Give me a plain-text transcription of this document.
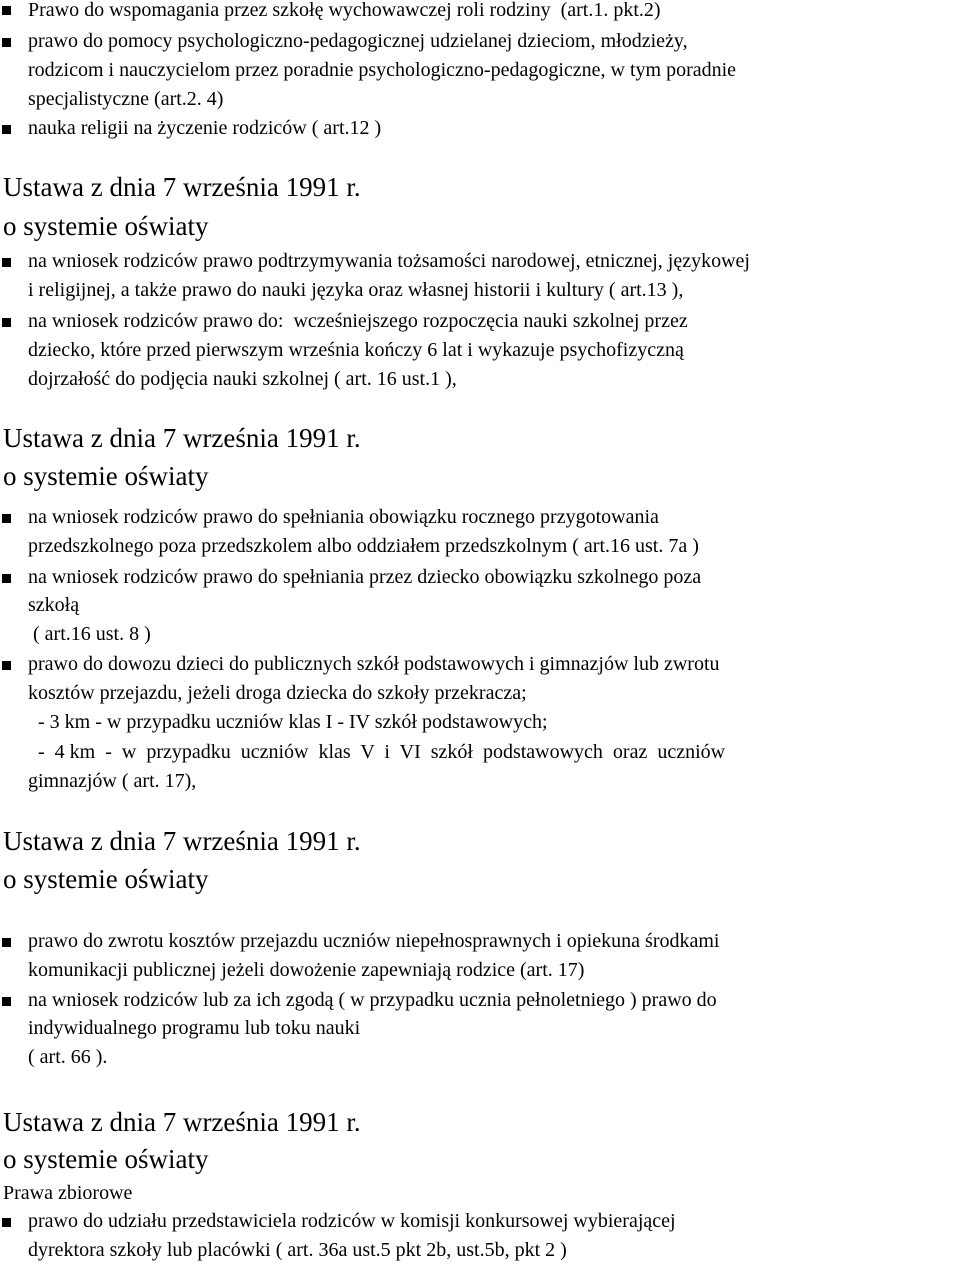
Prawo do wspomagania przez szkołę wychowawczej roli rodziny  (art.1. pkt.2)
prawo do pomocy psychologiczno-pedagogicznej udzielanej dzieciom, młodzieży,
rodzicom i nauczycielom przez poradnie psychologiczno-pedagogiczne, w tym poradnie
specjalistyczne (art.2. 4)
nauka religii na życzenie rodziców ( art.12 )
Ustawa z dnia 7 września 1991 r.
o systemie oświaty
na wniosek rodziców prawo podtrzymywania tożsamości narodowej, etnicznej, językowej
i religijnej, a także prawo do nauki języka oraz własnej historii i kultury ( art.13 ),
na wniosek rodziców prawo do:  wcześniejszego rozpoczęcia nauki szkolnej przez
dziecko, które przed pierwszym września kończy 6 lat i wykazuje psychofizyczną
dojrzałość do podjęcia nauki szkolnej ( art. 16 ust.1 ),
Ustawa z dnia 7 września 1991 r.
o systemie oświaty
na wniosek rodziców prawo do spełniania obowiązku rocznego przygotowania
przedszkolnego poza przedszkolem albo oddziałem przedszkolnym ( art.16 ust. 7a )
na wniosek rodziców prawo do spełniania przez dziecko obowiązku szkolnego poza
szkołą
( art.16 ust. 8 )
prawo do dowozu dzieci do publicznych szkół podstawowych i gimnazjów lub zwrotu
kosztów przejazdu, jeżeli droga dziecka do szkoły przekracza;
- 3 km - w przypadku uczniów klas I - IV szkół podstawowych;
-  4 km  -  w  przypadku  uczniów  klas  V  i  VI  szkół  podstawowych  oraz  uczniów
gimnazjów ( art. 17),
Ustawa z dnia 7 września 1991 r.
o systemie oświaty
prawo do zwrotu kosztów przejazdu uczniów niepełnosprawnych i opiekuna środkami
komunikacji publicznej jeżeli dowożenie zapewniają rodzice (art. 17)
na wniosek rodziców lub za ich zgodą ( w przypadku ucznia pełnoletniego ) prawo do
indywidualnego programu lub toku nauki
( art. 66 ).
Ustawa z dnia 7 września 1991 r.
o systemie oświaty
Prawa zbiorowe
prawo do udziału przedstawiciela rodziców w komisji konkursowej wybierającej
dyrektora szkoły lub placówki ( art. 36a ust.5 pkt 2b, ust.5b, pkt 2 )
